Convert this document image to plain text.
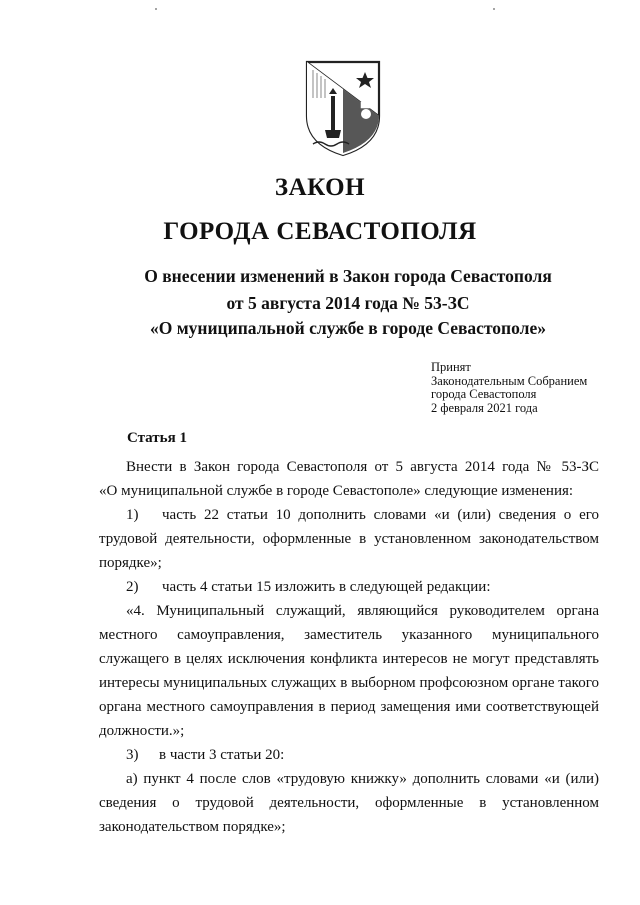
ЗАКОН
ГОРОДА СЕВАСТОПОЛЯ
О внесении изменений в Закон города Севастополя
от 5 августа 2014 года № 53-ЗС
«О муниципальной службе в городе Севастополе»
Принят
Законодательным Собранием
города Севастополя
2 февраля 2021 года
Статья 1
Внести в Закон города Севастополя от 5 августа 2014 года № 53-ЗС
«О муниципальной службе в городе Севастополе» следующие изменения:
1) часть 22 статьи 10 дополнить словами «и (или) сведения о его
трудовой деятельности, оформленные в установленном законодательством
порядке»;
2) часть 4 статьи 15 изложить в следующей редакции:
«4. Муниципальный служащий, являющийся руководителем органа
местного самоуправления, заместитель указанного муниципального
служащего в целях исключения конфликта интересов не могут представлять
интересы муниципальных служащих в выборном профсоюзном органе такого
органа местного самоуправления в период замещения ими соответствующей
должности.»;
3) в части 3 статьи 20:
а) пункт 4 после слов «трудовую книжку» дополнить словами «и (или)
сведения о трудовой деятельности, оформленные в установленном
законодательством порядке»;
